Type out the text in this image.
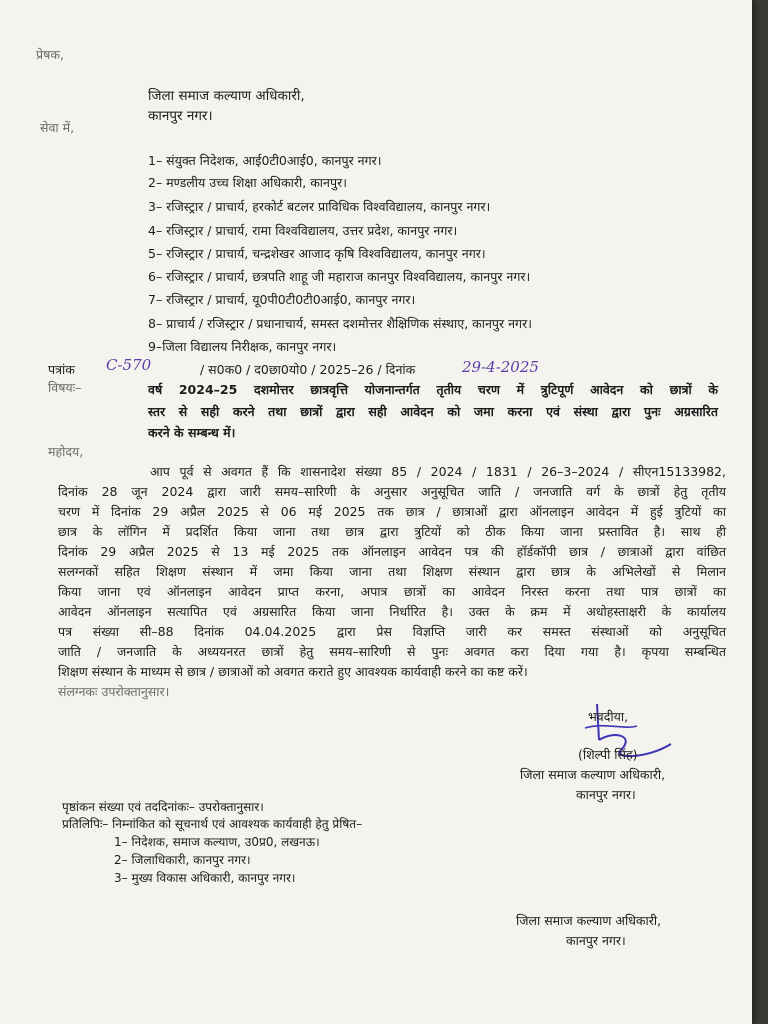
प्रेषक,
जिला समाज कल्याण अधिकारी,
कानपुर नगर।
सेवा में,
1– संयुक्त निदेशक, आई0टी0आई0, कानपुर नगर।
2– मण्डलीय उच्च शिक्षा अधिकारी, कानपुर।
3– रजिस्ट्रार / प्राचार्य, हरकोर्ट बटलर प्राविधिक विश्वविद्यालय, कानपुर नगर।
4– रजिस्ट्रार / प्राचार्य, रामा विश्वविद्यालय, उत्तर प्रदेश, कानपुर नगर।
5– रजिस्ट्रार / प्राचार्य, चन्द्रशेखर आजाद कृषि विश्वविद्यालय, कानपुर नगर।
6– रजिस्ट्रार / प्राचार्य, छत्रपति शाहू जी महाराज कानपुर विश्वविद्यालय, कानपुर नगर।
7– रजिस्ट्रार / प्राचार्य, यू0पी0टी0टी0आई0, कानपुर नगर।
8– प्राचार्य / रजिस्ट्रार / प्रधानाचार्य, समस्त दशमोत्तर शैक्षिणिक संस्थाए, कानपुर नगर।
9–जिला विद्यालय निरीक्षक, कानपुर नगर।
पत्रांक C-570	/ स0क0 / द0छा0यो0 / 2025–26 / दिनांक	29-4-2025
विषयः–	वर्ष 2024–25 दशमोत्तर छात्रवृत्ति योजनान्तर्गत तृतीय चरण में त्रुटिपूर्ण आवेदन को छात्रों के
स्तर से सही करने तथा छात्रों द्वारा सही आवेदन को जमा करना एवं संस्था द्वारा पुनः अग्रसारित
करने के सम्बन्ध में।
महोदय,
आप पूर्व से अवगत हैं कि शासनादेश संख्या 85 / 2024 / 1831 / 26–3–2024 / सीएन15133982,
दिनांक 28 जून 2024 द्वारा जारी समय–सारिणी के अनुसार अनुसूचित जाति / जनजाति वर्ग के छात्रों हेतु तृतीय
चरण में दिनांक 29 अप्रैल 2025 से 06 मई 2025 तक छात्र / छात्राओं द्वारा ऑनलाइन आवेदन में हुई त्रुटियों का
छात्र के लॉगिन में प्रदर्शित किया जाना तथा छात्र द्वारा त्रुटियों को ठीक किया जाना प्रस्तावित है। साथ ही
दिनांक 29 अप्रैल 2025 से 13 मई 2025 तक ऑनलाइन आवेदन पत्र की हॉर्डकॉपी छात्र / छात्राओं द्वारा वांछित
सलग्नकों सहित शिक्षण संस्थान में जमा किया जाना तथा शिक्षण संस्थान द्वारा छात्र के अभिलेखों से मिलान
किया जाना एवं ऑनलाइन आवेदन प्राप्त करना, अपात्र छात्रों का आवेदन निरस्त करना तथा पात्र छात्रों का
आवेदन ऑनलाइन सत्यापित एवं अग्रसारित किया जाना निर्धारित है। उक्त के क्रम में अधोहस्ताक्षरी के कार्यालय
पत्र संख्या सी–88 दिनांक 04.04.2025 द्वारा प्रेस विज्ञप्ति जारी कर समस्त संस्थाओं को अनुसूचित
जाति / जनजाति के अध्ययनरत छात्रों हेतु समय–सारिणी से पुनः अवगत करा दिया गया है। कृपया सम्बन्धित
शिक्षण संस्थान के माध्यम से छात्र / छात्राओं को अवगत कराते हुए आवश्यक कार्यवाही करने का कष्ट करें।
संलग्नकः उपरोक्तानुसार।
भवदीया,
(शिल्पी सिंह)
जिला समाज कल्याण अधिकारी,
कानपुर नगर।
पृष्ठांकन संख्या एवं तददिनांकः– उपरोक्तानुसार।
प्रतिलिपिः– निम्नांकित को सूचनार्थ एवं आवश्यक कार्यवाही हेतु प्रेषित–
1– निदेशक, समाज कल्याण, उ0प्र0, लखनऊ।
2– जिलाधिकारी, कानपुर नगर।
3– मुख्य विकास अधिकारी, कानपुर नगर।
जिला समाज कल्याण अधिकारी,
कानपुर नगर।
